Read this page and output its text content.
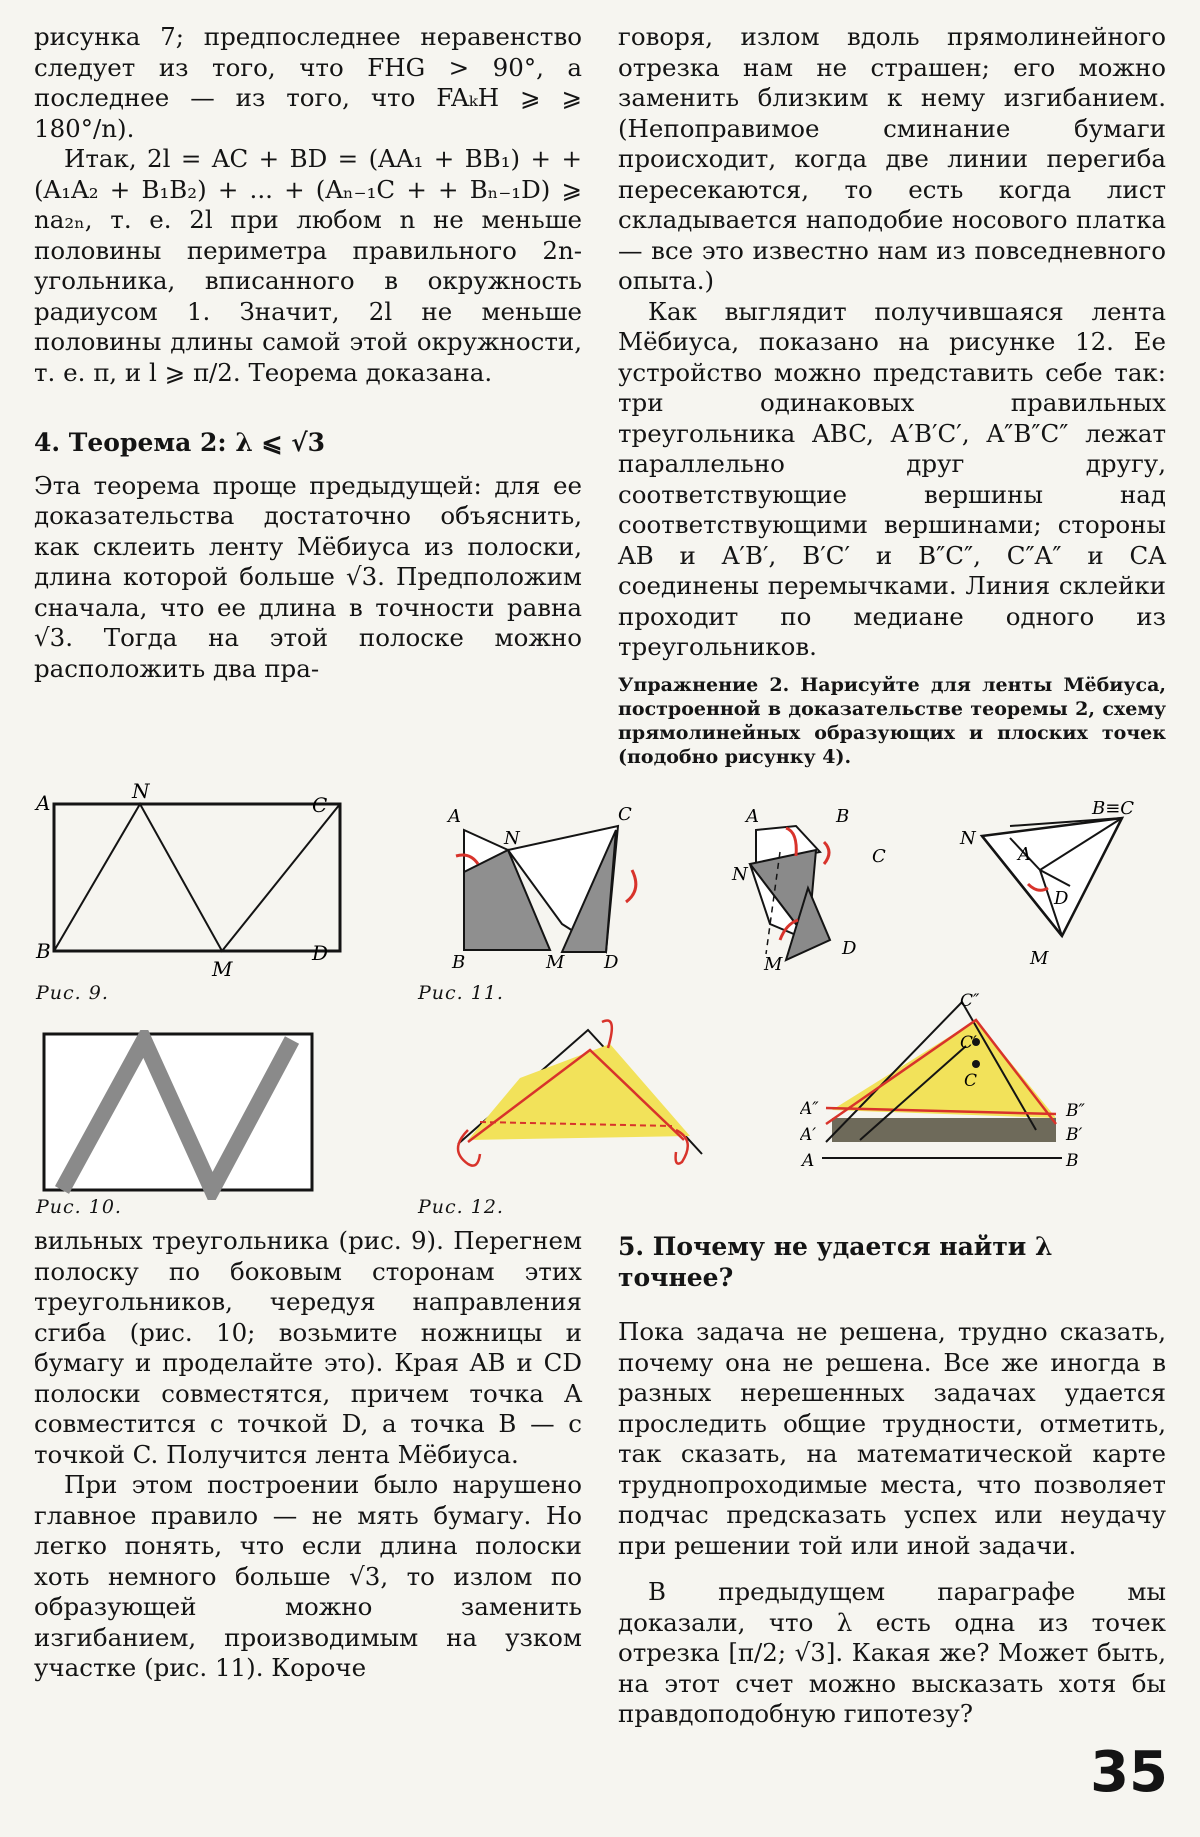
рисунка 7; предпоследнее неравенство следует из того, что FHG > 90°, а последнее — из того, что FAₖH ⩾ ⩾ 180°/n).

Итак, 2l = AC + BD = (AA₁ + BB₁) + + (A₁A₂ + B₁B₂) + ... + (Aₙ₋₁C + + Bₙ₋₁D) ⩾ na₂ₙ, т. е. 2l при любом n не меньше половины периметра правильного 2n-угольника, вписанного в окружность радиусом 1. Значит, 2l не меньше половины длины самой этой окружности, т. е. π, и l ⩾ π/2. Теорема доказана.

4. Теорема 2: λ ⩽ √3

Эта теорема проще предыдущей: для ее доказательства достаточно объяснить, как склеить ленту Мёбиуса из полоски, длина которой больше √3. Предположим сначала, что ее длина в точности равна √3. Тогда на этой полоске можно расположить два пра-

говоря, излом вдоль прямолинейного отрезка нам не страшен; его можно заменить близким к нему изгибанием. (Непоправимое сминание бумаги происходит, когда две линии перегиба пересекаются, то есть когда лист складывается наподобие носового платка — все это известно нам из повседневного опыта.)

Как выглядит получившаяся лента Мёбиуса, показано на рисунке 12. Ее устройство можно представить себе так: три одинаковых правильных треугольника ABC, A′B′C′, A″B″C″ лежат параллельно друг другу, соответствующие вершины над соответствующими вершинами; стороны AB и A′B′, B′C′ и B″C″, C″A″ и CA соединены перемычками. Линия склейки проходит по медиане одного из треугольников.

Упражнение 2. Нарисуйте для ленты Мёбиуса, построенной в доказательстве теоремы 2, схему прямолинейных образующих и плоских точек (подобно рисунку 4).

A	N
C
B
M
D
Рис. 9.
A
N
C
B	M D
Рис. 11.
A	B
C
N
M
D
B≡C
N
A
D
M
Рис. 10.	Рис. 12.
C″
C′
C
A″
A′
A
B″
B′
B

вильных треугольника (рис. 9). Перегнем полоску по боковым сторонам этих треугольников, чередуя направления сгиба (рис. 10; возьмите ножницы и бумагу и проделайте это). Края AB и CD полоски совместятся, причем точка A совместится с точкой D, а точка B — с точкой C. Получится лента Мёбиуса.

При этом построении было нарушено главное правило — не мять бумагу. Но легко понять, что если длина полоски хоть немного больше √3, то излом по образующей можно заменить изгибанием, производимым на узком участке (рис. 11). Короче

5. Почему не удается найти λ точнее?

Пока задача не решена, трудно сказать, почему она не решена. Все же иногда в разных нерешенных задачах удается проследить общие трудности, отметить, так сказать, на математической карте труднопроходимые места, что позволяет подчас предсказать успех или неудачу при решении той или иной задачи.

В предыдущем параграфе мы доказали, что λ есть одна из точек отрезка [π/2; √3]. Какая же? Может быть, на этот счет можно высказать хотя бы правдоподобную гипотезу?

35
